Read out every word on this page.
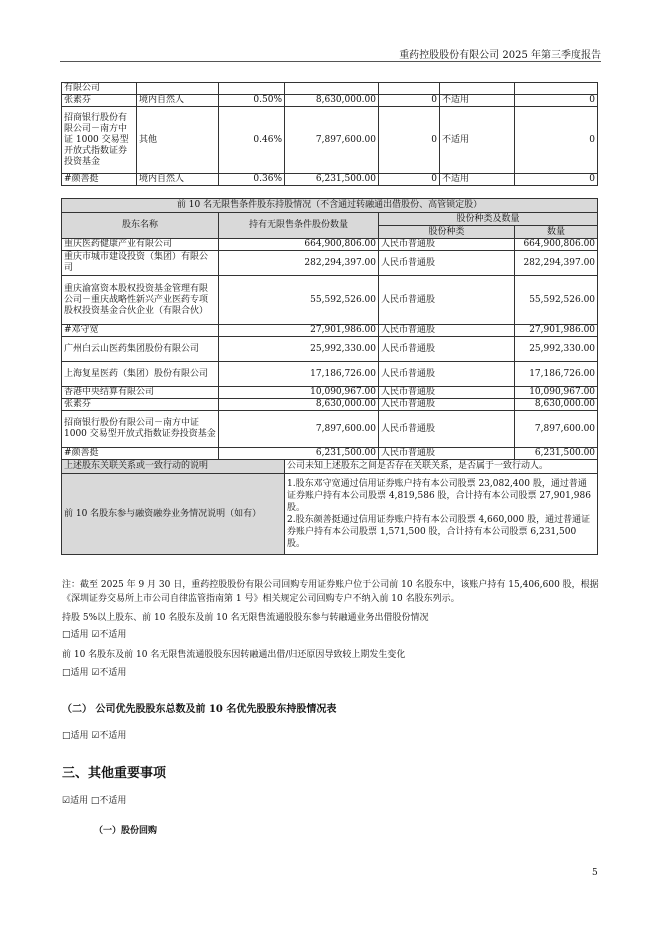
重药控股股份有限公司 2025 年第三季度报告
有限公司						
张素芬	境内自然人	0.50%	8,630,000.00	0	不适用	0
招商银行股份有限公司－南方中证 1000 交易型开放式指数证券投资基金	其他	0.46%	7,897,600.00	0	不适用	0
#颜善挺	境内自然人	0.36%	6,231,500.00	0	不适用	0
前 10 名无限售条件股东持股情况（不含通过转融通出借股份、高管锁定股）				
股东名称	持有无限售条件股份数量		股份种类及数量	
			股份种类	数量
重庆医药健康产业有限公司	664,900,806.00		人民币普通股	664,900,806.00
重庆市城市建设投资（集团）有限公司	282,294,397.00		人民币普通股	282,294,397.00
重庆渝富资本股权投资基金管理有限公司－重庆战略性新兴产业医药专项股权投资基金合伙企业（有限合伙）	55,592,526.00		人民币普通股	55,592,526.00
#邓守宽	27,901,986.00		人民币普通股	27,901,986.00
广州白云山医药集团股份有限公司	25,992,330.00		人民币普通股	25,992,330.00
上海复星医药（集团）股份有限公司	17,186,726.00		人民币普通股	17,186,726.00
香港中央结算有限公司	10,090,967.00		人民币普通股	10,090,967.00
张素芬	8,630,000.00		人民币普通股	8,630,000.00
招商银行股份有限公司－南方中证 1000 交易型开放式指数证券投资基金	7,897,600.00		人民币普通股	7,897,600.00
#颜善挺	6,231,500.00		人民币普通股	6,231,500.00
上述股东关联关系或一致行动的说明		公司未知上述股东之间是否存在关联关系，是否属于一致行动人。		
前 10 名股东参与融资融券业务情况说明（如有）		1.股东邓守宽通过信用证券账户持有本公司股票 23,082,400 股，通过普通证券账户持有本公司股票 4,819,586 股，合计持有本公司股票 27,901,986 股。
2.股东颜善挺通过信用证券账户持有本公司股票 4,660,000 股，通过普通证券账户持有本公司股票 1,571,500 股，合计持有本公司股票 6,231,500 股。		
注：截至 2025 年 9 月 30 日，重药控股股份有限公司回购专用证券账户位于公司前 10 名股东中，该账户持有 15,406,600 股，根据《深圳证券交易所上市公司自律监管指南第 1 号》相关规定公司回购专户不纳入前 10 名股东列示。
持股 5%以上股东、前 10 名股东及前 10 名无限售流通股股东参与转融通业务出借股份情况
□适用 ☑不适用
前 10 名股东及前 10 名无限售流通股股东因转融通出借/归还原因导致较上期发生变化
□适用 ☑不适用
（二） 公司优先股股东总数及前 10 名优先股股东持股情况表
□适用 ☑不适用
三、其他重要事项
☑适用 □不适用
（一）股份回购
5
